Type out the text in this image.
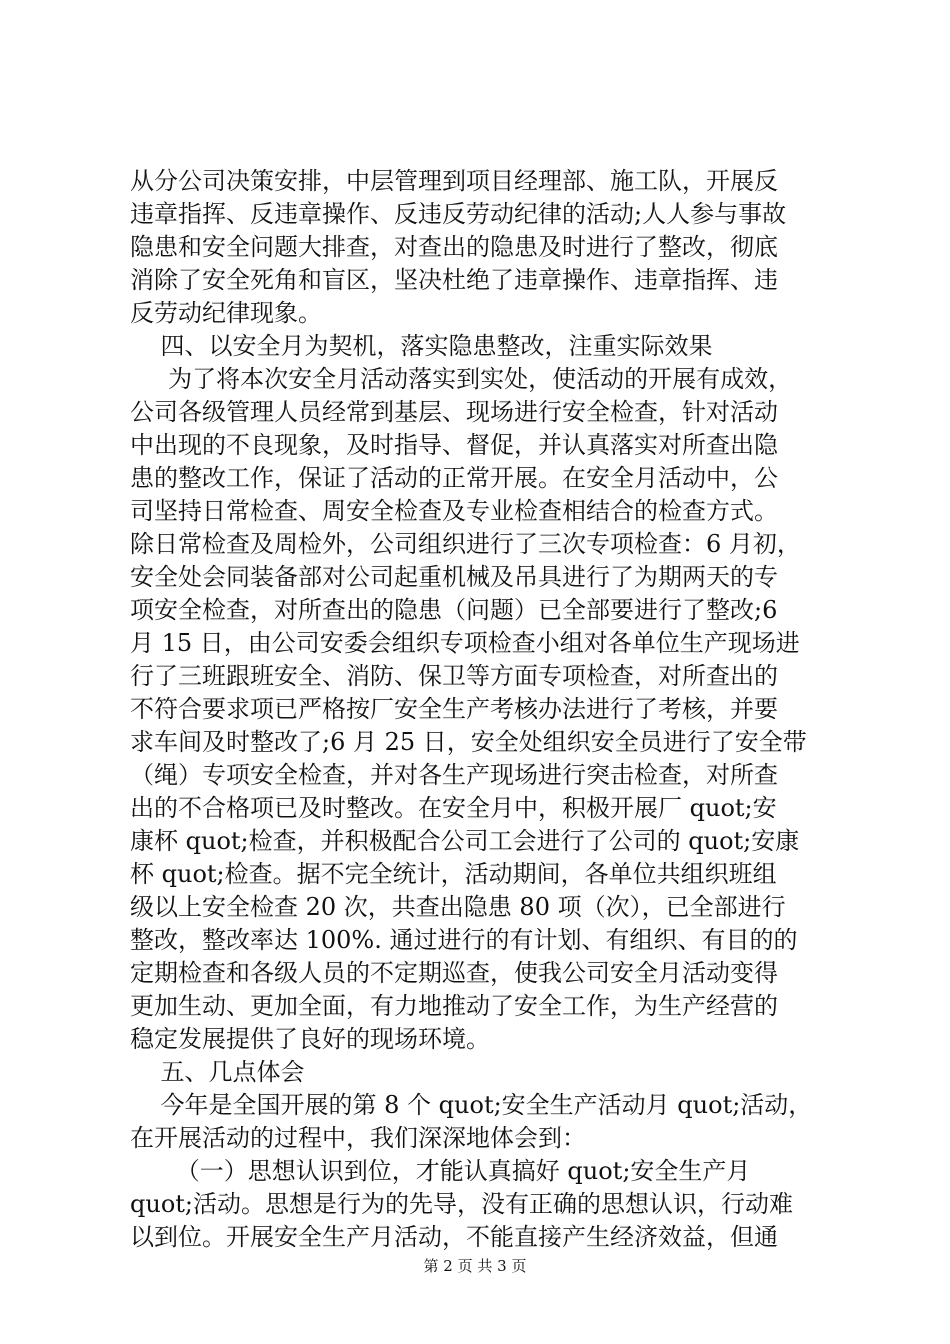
从分公司决策安排，中层管理到项目经理部、施工队，开展反
违章指挥、反违章操作、反违反劳动纪律的活动;人人参与事故
隐患和安全问题大排查，对查出的隐患及时进行了整改，彻底
消除了安全死角和盲区，坚决杜绝了违章操作、违章指挥、违
反劳动纪律现象。
四、以安全月为契机，落实隐患整改，注重实际效果
为了将本次安全月活动落实到实处，使活动的开展有成效，
公司各级管理人员经常到基层、现场进行安全检查，针对活动
中出现的不良现象，及时指导、督促，并认真落实对所查出隐
患的整改工作，保证了活动的正常开展。在安全月活动中，公
司坚持日常检查、周安全检查及专业检查相结合的检查方式。
除日常检查及周检外，公司组织进行了三次专项检查：6 月初，
安全处会同装备部对公司起重机械及吊具进行了为期两天的专
项安全检查，对所查出的隐患（问题）已全部要进行了整改;6
月 15 日，由公司安委会组织专项检查小组对各单位生产现场进
行了三班跟班安全、消防、保卫等方面专项检查，对所查出的
不符合要求项已严格按厂安全生产考核办法进行了考核，并要
求车间及时整改了;6 月 25 日，安全处组织安全员进行了安全带
（绳）专项安全检查，并对各生产现场进行突击检查，对所查
出的不合格项已及时整改。在安全月中，积极开展厂 quot;安
康杯 quot;检查，并积极配合公司工会进行了公司的 quot;安康
杯 quot;检查。据不完全统计，活动期间，各单位共组织班组
级以上安全检查 20 次，共查出隐患 80 项（次），已全部进行
整改，整改率达 100%. 通过进行的有计划、有组织、有目的的
定期检查和各级人员的不定期巡查，使我公司安全月活动变得
更加生动、更加全面，有力地推动了安全工作，为生产经营的
稳定发展提供了良好的现场环境。
五、几点体会
今年是全国开展的第 8 个 quot;安全生产活动月 quot;活动，
在开展活动的过程中，我们深深地体会到：
（一）思想认识到位，才能认真搞好 quot;安全生产月
quot;活动。思想是行为的先导，没有正确的思想认识，行动难
以到位。开展安全生产月活动，不能直接产生经济效益，但通
第 2 页 共 3 页
